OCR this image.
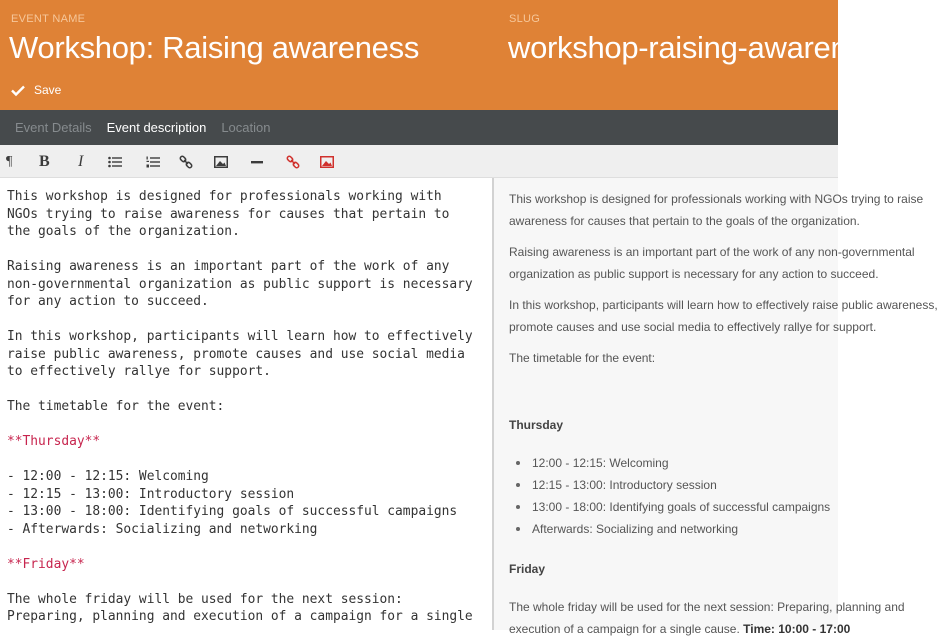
EVENT NAME
Workshop: Raising awareness
SLUG
workshop-raising-awareness
Save
Event Details Event description Location
¶ B I
This workshop is designed for professionals working with
NGOs trying to raise awareness for causes that pertain to
the goals of the organization.

Raising awareness is an important part of the work of any
non-governmental organization as public support is necessary
for any action to succeed.

In this workshop, participants will learn how to effectively
raise public awareness, promote causes and use social media
to effectively rallye for support.

The timetable for the event:

**Thursday**

- 12:00 - 12:15: Welcoming
- 12:15 - 13:00: Introductory session
- 13:00 - 18:00: Identifying goals of successful campaigns
- Afterwards: Socializing and networking

**Friday**

The whole friday will be used for the next session:
Preparing, planning and execution of a campaign for a single

This workshop is designed for professionals working with NGOs trying to raise

awareness for causes that pertain to the goals of the organization.

Raising awareness is an important part of the work of any non-governmental

organization as public support is necessary for any action to succeed.

In this workshop, participants will learn how to effectively raise public awareness,

promote causes and use social media to effectively rallye for support.

The timetable for the event:

Thursday
12:00 - 12:15: Welcoming
12:15 - 13:00: Introductory session
13:00 - 18:00: Identifying goals of successful campaigns
Afterwards: Socializing and networking
Friday

The whole friday will be used for the next session: Preparing, planning and

execution of a campaign for a single cause. Time: 10:00 - 17:00
